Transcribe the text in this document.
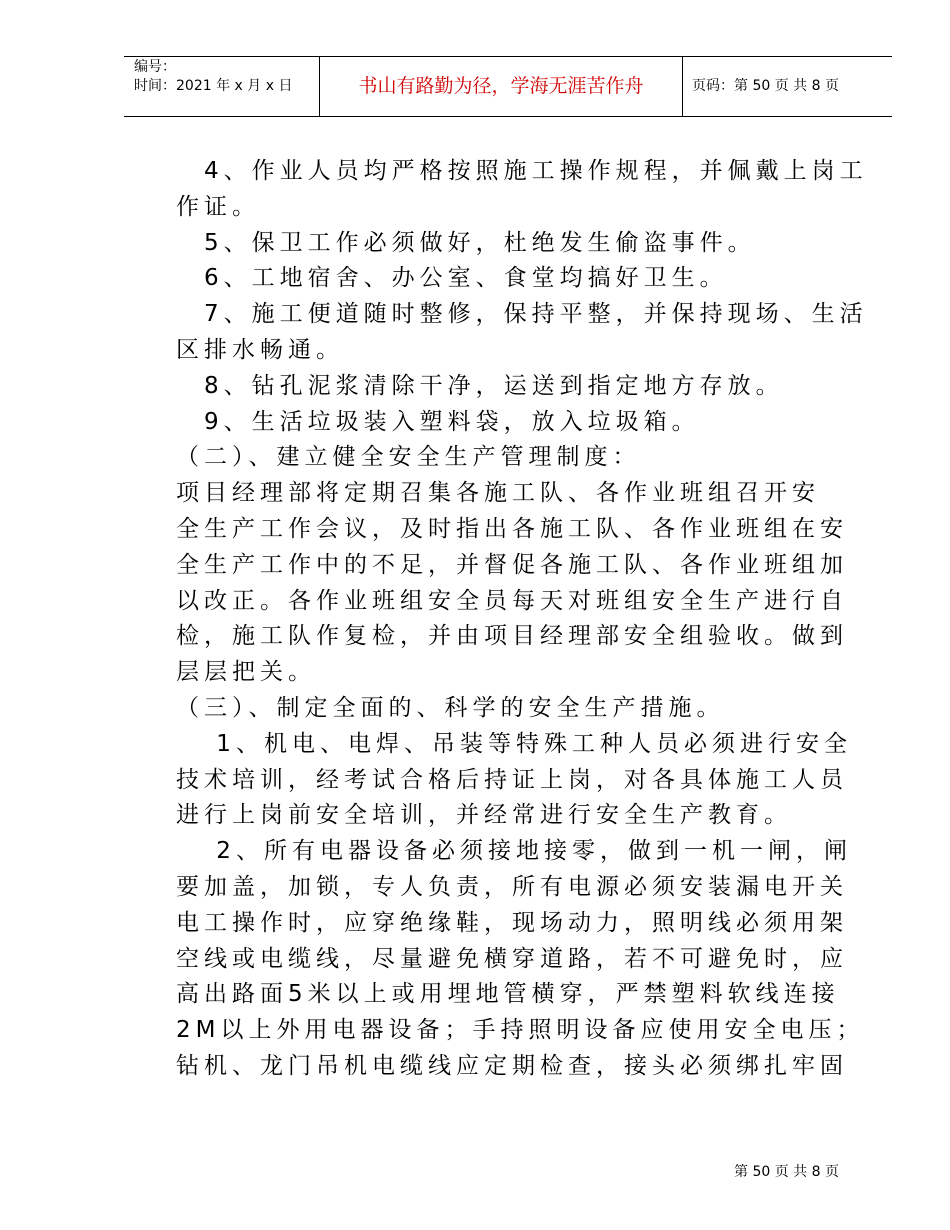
编号：
时间：2021 年 x 月 x 日	书山有路勤为径，学海无涯苦作舟	页码：第 50 页 共 8 页
　4、作业人员均严格按照施工操作规程，并佩戴上岗工
作证。
　5、保卫工作必须做好，杜绝发生偷盗事件。
　6、工地宿舍、办公室、食堂均搞好卫生。
　7、施工便道随时整修，保持平整，并保持现场、生活
区排水畅通。
　8、钻孔泥浆清除干净，运送到指定地方存放。
　9、生活垃圾装入塑料袋，放入垃圾箱。
（二）、建立健全安全生产管理制度：
项目经理部将定期召集各施工队、各作业班组召开安
全生产工作会议，及时指出各施工队、各作业班组在安
全生产工作中的不足，并督促各施工队、各作业班组加
以改正。各作业班组安全员每天对班组安全生产进行自
检，施工队作复检，并由项目经理部安全组验收。做到
层层把关。
（三）、制定全面的、科学的安全生产措施。
　 1、机电、电焊、吊装等特殊工种人员必须进行安全
技术培训，经考试合格后持证上岗，对各具体施工人员
进行上岗前安全培训，并经常进行安全生产教育。
　 2、所有电器设备必须接地接零，做到一机一闸，闸
要加盖，加锁，专人负责，所有电源必须安装漏电开关
电工操作时，应穿绝缘鞋，现场动力，照明线必须用架
空线或电缆线，尽量避免横穿道路，若不可避免时，应
高出路面5米以上或用埋地管横穿，严禁塑料软线连接
2M以上外用电器设备；手持照明设备应使用安全电压；
钻机、龙门吊机电缆线应定期检查，接头必须绑扎牢固
第 50 页 共 8 页
